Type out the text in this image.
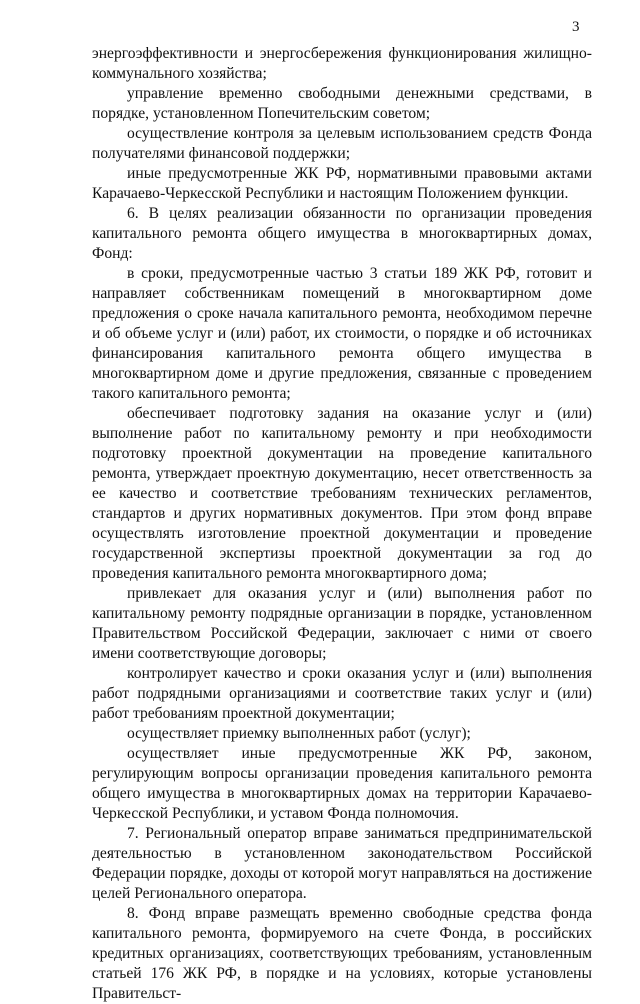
3

энергоэффективности и энергосбережения функционирования жилищно-коммунального хозяйства;

управление временно свободными денежными средствами, в порядке, установленном Попечительским советом;

осуществление контроля за целевым использованием средств Фонда получателями финансовой поддержки;

иные предусмотренные ЖК РФ, нормативными правовыми актами Карачаево-Черкесской Республики и настоящим Положением функции.

6. В целях реализации обязанности по организации проведения капитального ремонта общего имущества в многоквартирных домах, Фонд:

в сроки, предусмотренные частью 3 статьи 189 ЖК РФ, готовит и направляет собственникам помещений в многоквартирном доме предложения о сроке начала капитального ремонта, необходимом перечне и об объеме услуг и (или) работ, их стоимости, о порядке и об источниках финансирования капитального ремонта общего имущества в многоквартирном доме и другие предложения, связанные с проведением такого капитального ремонта;

обеспечивает подготовку задания на оказание услуг и (или) выполнение работ по капитальному ремонту и при необходимости подготовку проектной документации на проведение капитального ремонта, утверждает проектную документацию, несет ответственность за ее качество и соответствие требованиям технических регламентов, стандартов и других нормативных документов. При этом фонд вправе осуществлять изготовление проектной документации и проведение государственной экспертизы проектной документации за год до проведения капитального ремонта многоквартирного дома;

привлекает для оказания услуг и (или) выполнения работ по капитальному ремонту подрядные организации в порядке, установленном Правительством Российской Федерации, заключает с ними от своего имени соответствующие договоры;

контролирует качество и сроки оказания услуг и (или) выполнения работ подрядными организациями и соответствие таких услуг и (или) работ требованиям проектной документации;

осуществляет приемку выполненных работ (услуг);

осуществляет иные предусмотренные ЖК РФ, законом, регулирующим вопросы организации проведения капитального ремонта общего имущества в многоквартирных домах на территории Карачаево-Черкесской Республики, и уставом Фонда полномочия.

7. Региональный оператор вправе заниматься предпринимательской деятельностью в установленном законодательством Российской Федерации порядке, доходы от которой могут направляться на достижение целей Регионального оператора.

8. Фонд вправе размещать временно свободные средства фонда капитального ремонта, формируемого на счете Фонда, в российских кредитных организациях, соответствующих требованиям, установленным статьей 176 ЖК РФ, в порядке и на условиях, которые установлены Правительст-
